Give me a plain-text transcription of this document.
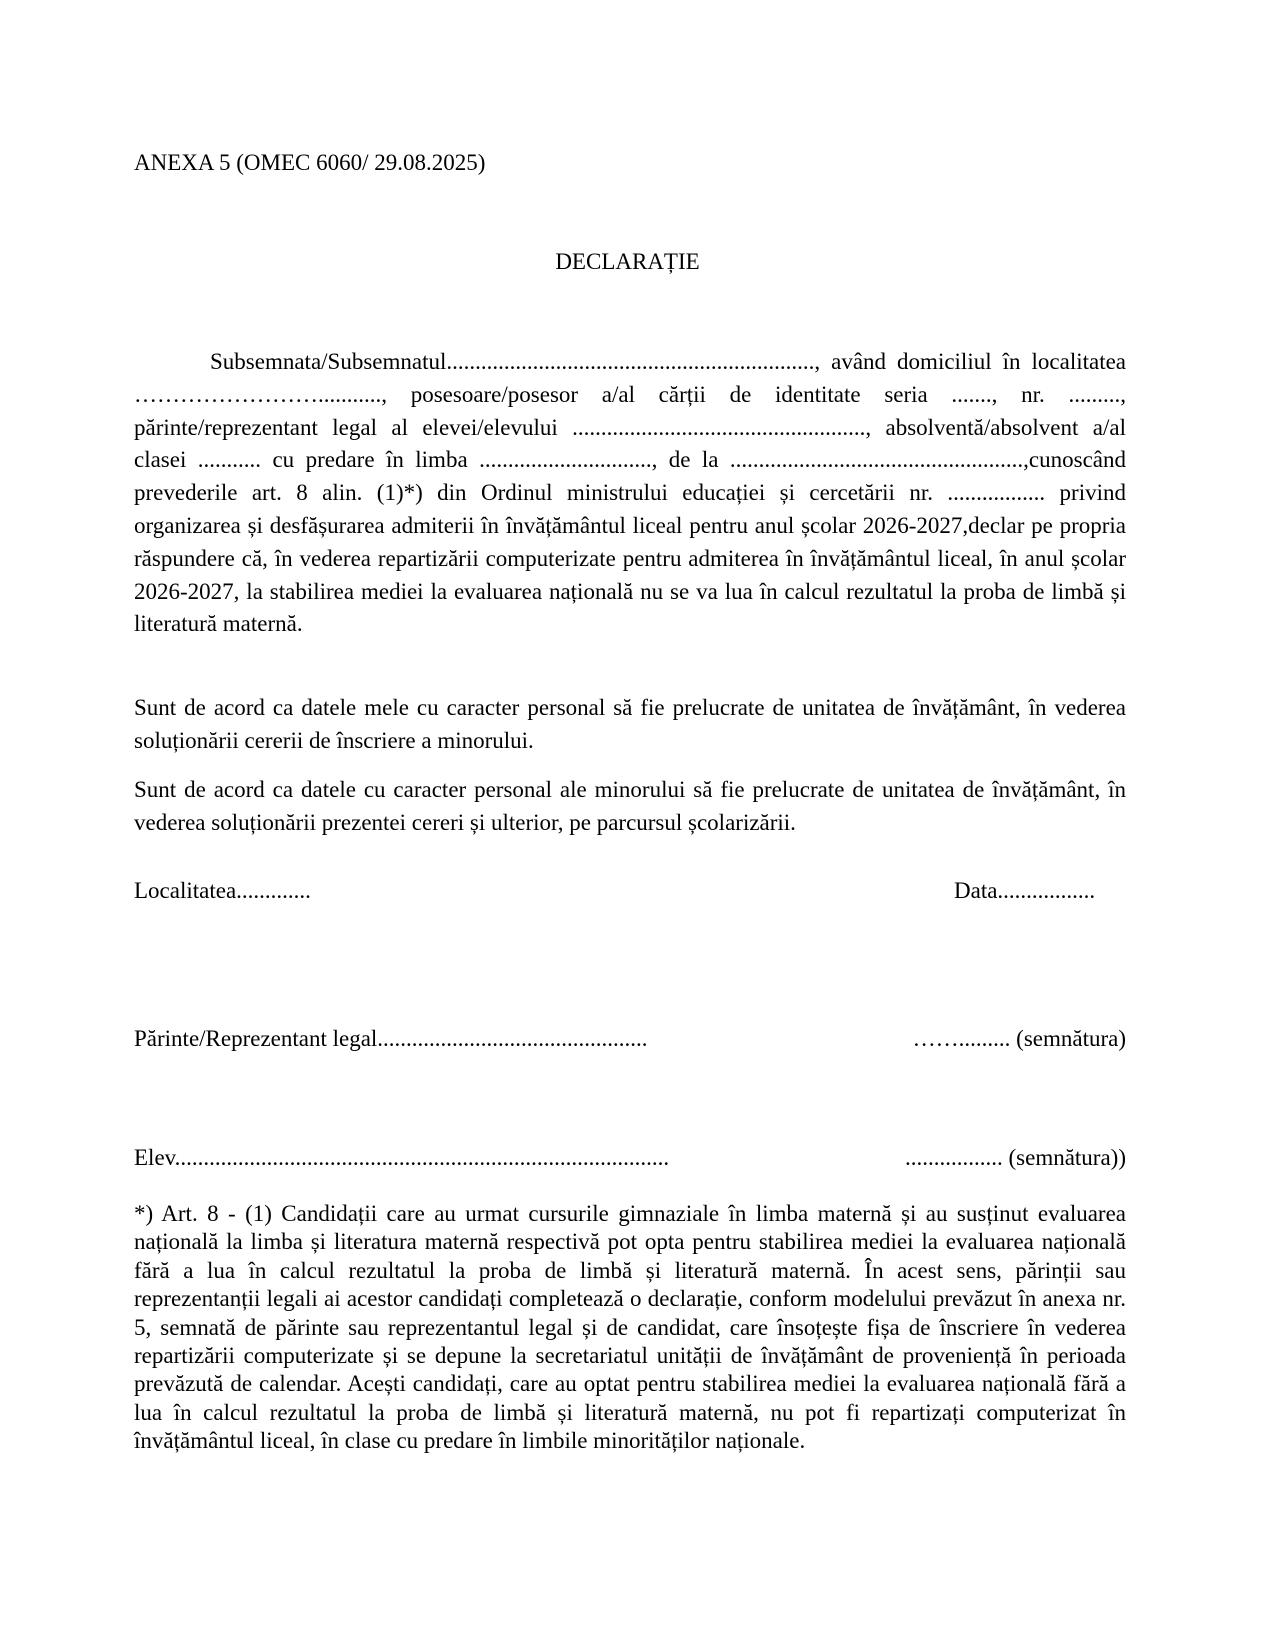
ANEXA 5 (OMEC 6060/ 29.08.2025)
DECLARAȚIE

Subsemnata/Subsemnatul................................................................, având domiciliul în localitatea ……………………..........., posesoare/posesor a/al cărții de identitate seria ......., nr. ........., părinte/reprezentant legal al elevei/elevului ..................................................., absolventă/absolvent a/al clasei ........... cu predare în limba .............................., de la ...................................................,cunoscând prevederile art. 8 alin. (1)*) din Ordinul ministrului educației și cercetării nr. ................. privind organizarea și desfășurarea admiterii în învățământul liceal pentru anul școlar 2026-2027,declar pe propria răspundere că, în vederea repartizării computerizate pentru admiterea în învățământul liceal, în anul școlar 2026-2027, la stabilirea mediei la evaluarea națională nu se va lua în calcul rezultatul la proba de limbă și literatură maternă.

Sunt de acord ca datele mele cu caracter personal să fie prelucrate de unitatea de învățământ, în vederea soluționării cererii de înscriere a minorului.

Sunt de acord ca datele cu caracter personal ale minorului să fie prelucrate de unitatea de învățământ, în vederea soluționării prezentei cereri și ulterior, pe parcursul școlarizării.

Localitatea.............	Data.................
Părinte/Reprezentant legal...............................................	……......... (semnătura)
Elev......................................................................................	................. (semnătura))

*) Art. 8 - (1) Candidații care au urmat cursurile gimnaziale în limba maternă și au susținut evaluarea națională la limba și literatura maternă respectivă pot opta pentru stabilirea mediei la evaluarea națională fără a lua în calcul rezultatul la proba de limbă și literatură maternă. În acest sens, părinții sau reprezentanții legali ai acestor candidați completează o declarație, conform modelului prevăzut în anexa nr. 5, semnată de părinte sau reprezentantul legal și de candidat, care însoțește fișa de înscriere în vederea repartizării computerizate și se depune la secretariatul unității de învățământ de proveniență în perioada prevăzută de calendar. Acești candidați, care au optat pentru stabilirea mediei la evaluarea națională fără a lua în calcul rezultatul la proba de limbă și literatură maternă, nu pot fi repartizați computerizat în învățământul liceal, în clase cu predare în limbile minorităților naționale.
